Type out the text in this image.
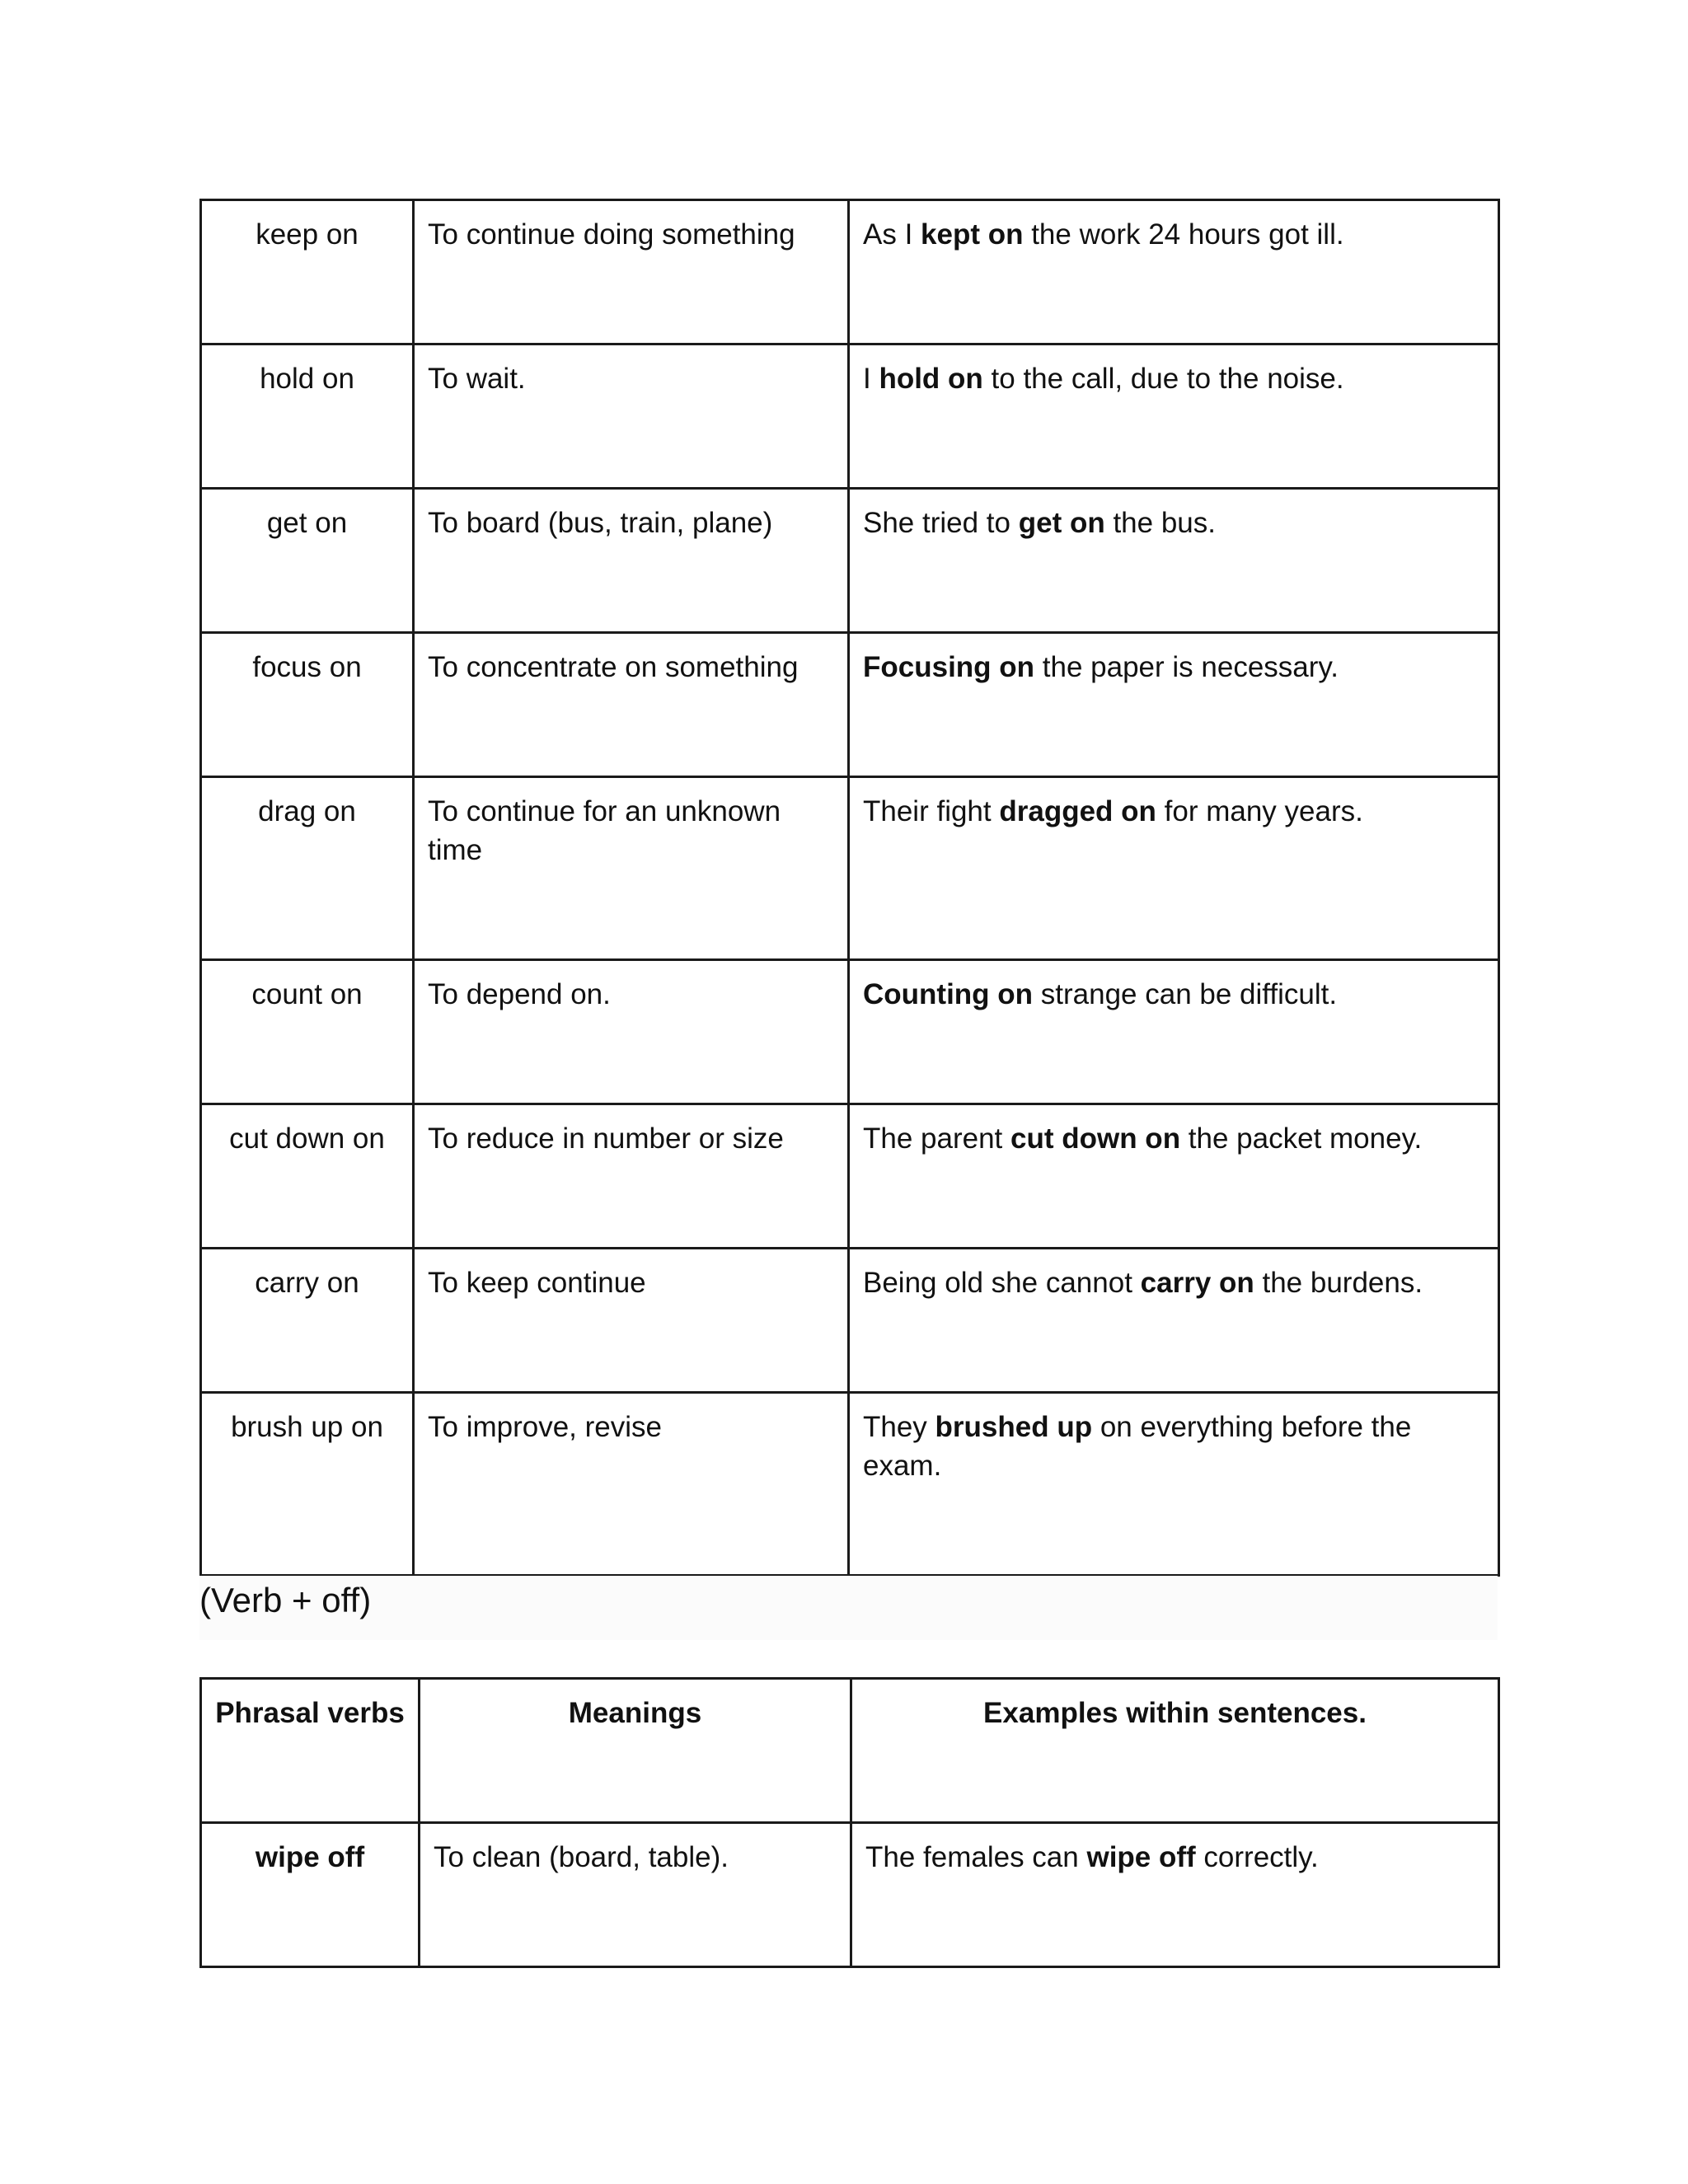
keep on	To continue doing something	As I kept on the work 24 hours got ill.
hold on	To wait.	I hold on to the call, due to the noise.
get on	To board (bus, train, plane)	She tried to get on the bus.
focus on	To concentrate on something	Focusing on the paper is necessary.
drag on	To continue for an unknown time	Their fight dragged on for many years.
count on	To depend on.	Counting on strange can be difficult.
cut down on	To reduce in number or size	The parent cut down on the packet money.
carry on	To keep continue	Being old she cannot carry on the burdens.
brush up on	To improve, revise	They brushed up on everything before the exam.
(Verb + off)
Phrasal verbs	Meanings	Examples within sentences.
wipe off	To clean (board, table).	The females can wipe off correctly.
